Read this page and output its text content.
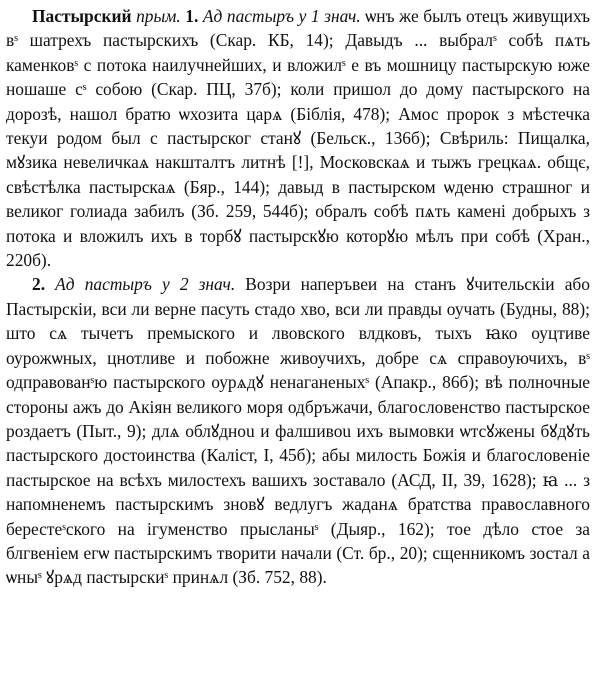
Пастырский прым. 1. Ад пастыръ у 1 знач. ѡнъ же былъ отецъ живущихъ вˢ шатрехъ пастырскихъ (Скар. КБ, 14); Давыдъ ... выбралˢ собѣ пѧть каменковˢ с потока наилучнейших, и вложилˢ е въ мошницу пастырскую юже ношаше сˢ собою (Скар. ПЦ, 37б); коли пришол до дому пастырского на дорозѣ, нашол братю ѡхозита царѧ (Біблія, 478); Амос пророк з мѣстечка текуи родом был с пастырског станꙋ (Бельск., 136б); Свѣриль: Пищалка, мꙋзика невеличкаѧ накшталтъ литнѣ [!], Московскаѧ и тыжъ грецкаѧ. общє, свѣстѣлка пастырскаѧ (Бяр., 144); давыд в пастырском ѡденю страшног и великог голиада забилъ (Зб. 259, 544б); обралъ собѣ пѧть камені добрыхъ з потока и вложилъ ихъ в торбꙋ пастырскꙋю которꙋю мѣлъ при собѣ (Хран., 220б).

2. Ад пастыръ у 2 знач. Возри наперъвеи на станъ ꙋчительскіи або Пастырскіи, вси ли верне пасуть стадо хво, вси ли правды оучать (Будны, 88); што сѧ тычетъ премыского и лвовского влдковъ, тыхъ ꙗко оуцтиве оурожѡных, цнотливе и побожне живоучихъ, добре сѧ справоуючихъ, вˢ одправованˢю пастырского оурѧдꙋ ненаганеныхˢ (Апакр., 86б); вѣ полночные стороны ажъ до Акіян великого моря одбръжачи, благословенство пастырское роздаетъ (Пыт., 9); длѧ облꙋдноu и фалшивоu ихъ вымовки ѡтсꙋжены бꙋдꙋть пастырского достоинства (Каліст, I, 45б); абы милость Божія и благословеніе пастырское на всѣхъ милостехъ вашихъ зоставало (АСД, II, 39, 1628); ꙗ ... з напомненемъ пастырскимъ зновꙋ ведлугъ жаданѧ братства православного берестеˢского на ігуменство прысланыˢ (Дыяр., 162); тое дѣло стое за блгвеніем егѡ пастырскимъ творити начали (Ст. бр., 20); сщенникомъ зостал а ѡныˢ ꙋрѧд пастырскиˢ принѧл (Зб. 752, 88).
